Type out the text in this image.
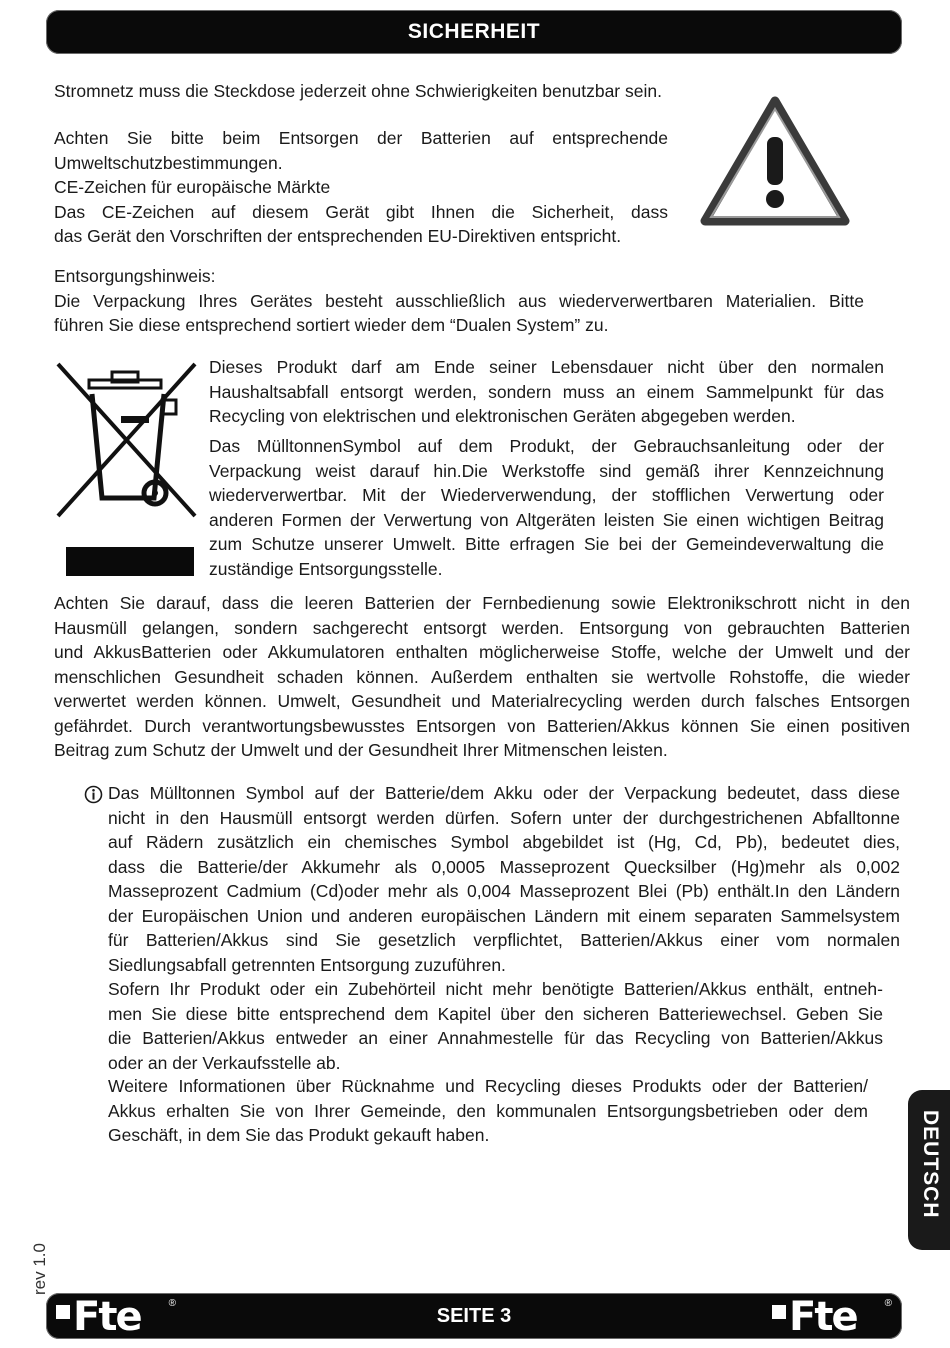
SICHERHEIT
Stromnetz muss die Steckdose jederzeit ohne Schwierigkeiten benutzbar sein.
Achten Sie bitte beim Entsorgen der Batterien auf entsprechende
Umweltschutzbestimmungen.
CE-Zeichen für europäische Märkte
Das CE-Zeichen auf diesem Gerät gibt Ihnen die Sicherheit, dass
das Gerät den Vorschriften der entsprechenden EU-Direktiven entspricht.
Entsorgungshinweis:
Die Verpackung Ihres Gerätes besteht ausschließlich aus wiederverwertbaren Materialien. Bitte
führen Sie diese entsprechend sortiert wieder dem “Dualen System” zu.
Dieses Produkt darf am Ende seiner Lebensdauer nicht über den normalen
Haushaltsabfall entsorgt werden, sondern muss an einem Sammelpunkt für das
Recycling von elektrischen und elektronischen Geräten abgegeben werden.
Das MülltonnenSymbol auf dem Produkt, der Gebrauchsanleitung oder der
Verpackung weist darauf hin.Die Werkstoffe sind gemäß ihrer Kennzeichnung
wiederverwertbar. Mit der Wiederverwendung, der stofflichen Verwertung oder
anderen Formen der Verwertung von Altgeräten leisten Sie einen wichtigen Beitrag
zum Schutze unserer Umwelt. Bitte erfragen Sie bei der Gemeindeverwaltung die
zuständige Entsorgungsstelle.
Achten Sie darauf, dass die leeren Batterien der Fernbedienung sowie Elektronikschrott nicht in den
Hausmüll gelangen, sondern sachgerecht entsorgt werden. Entsorgung von gebrauchten Batterien
und AkkusBatterien oder Akkumulatoren enthalten möglicherweise Stoffe, welche der Umwelt und der
menschlichen Gesundheit schaden können. Außerdem enthalten sie wertvolle Rohstoffe, die wieder
verwertet werden können. Umwelt, Gesundheit und Materialrecycling werden durch falsches Entsorgen
gefährdet. Durch verantwortungsbewusstes Entsorgen von Batterien/Akkus können Sie einen positiven
Beitrag zum Schutz der Umwelt und der Gesundheit Ihrer Mitmenschen leisten.
Das Mülltonnen Symbol auf der Batterie/dem Akku oder der Verpackung bedeutet, dass diese
nicht in den Hausmüll entsorgt werden dürfen. Sofern unter der durchgestrichenen Abfalltonne
auf Rädern zusätzlich ein chemisches Symbol abgebildet ist (Hg, Cd, Pb), bedeutet dies,
dass die Batterie/der Akkumehr als 0,0005 Masseprozent Quecksilber (Hg)mehr als 0,002
Masseprozent Cadmium (Cd)oder mehr als 0,004 Masseprozent Blei (Pb) enthält.In den Ländern
der Europäischen Union und anderen europäischen Ländern mit einem separaten Sammelsystem
für Batterien/Akkus sind Sie gesetzlich verpflichtet, Batterien/Akkus einer vom normalen
Siedlungsabfall getrennten Entsorgung zuzuführen.
Sofern Ihr Produkt oder ein Zubehörteil nicht mehr benötigte Batterien/Akkus enthält, entneh-
men Sie diese bitte entsprechend dem Kapitel über den sicheren Batteriewechsel. Geben Sie
die Batterien/Akkus entweder an einer Annahmestelle für das Recycling von Batterien/Akkus
oder an der Verkaufsstelle ab.
Weitere Informationen über Rücknahme und Recycling dieses Produkts oder der Batterien/
Akkus erhalten Sie von Ihrer Gemeinde, den kommunalen Entsorgungsbetrieben oder dem
Geschäft, in dem Sie das Produkt gekauft haben.	DEUTSCH
rev 1.0
Fte	®
SEITE 3	Fte	®
